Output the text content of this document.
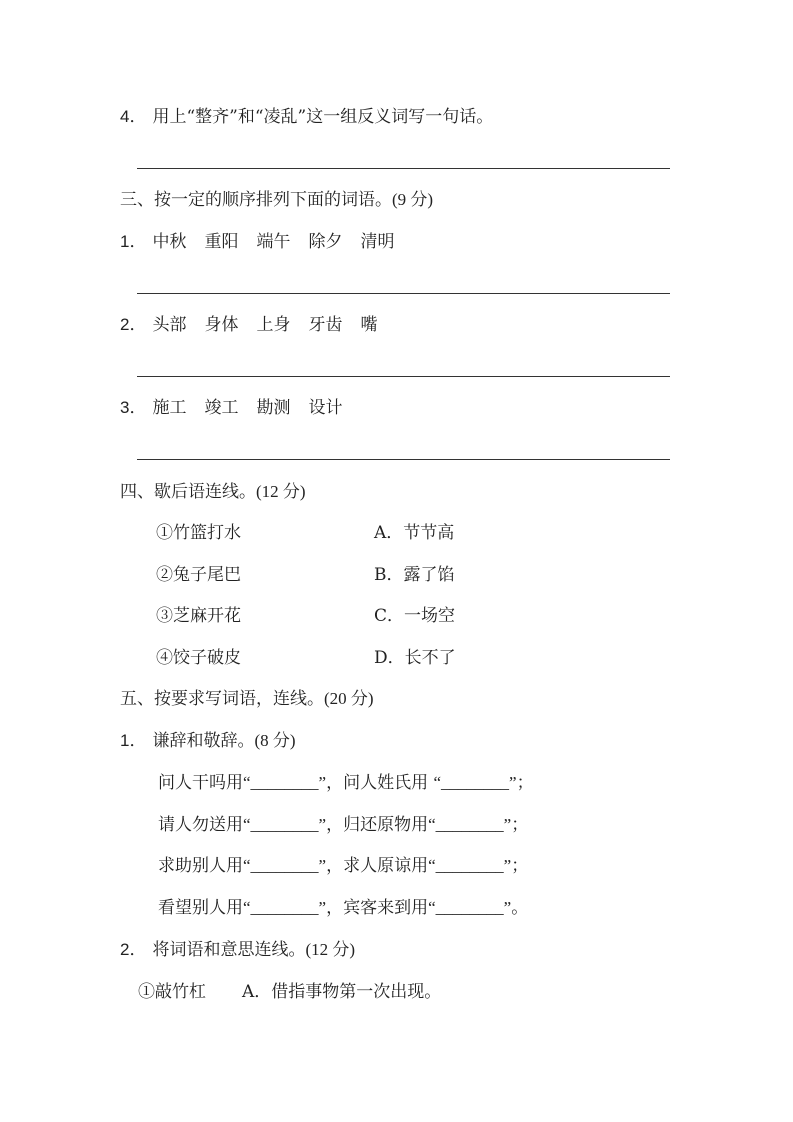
4． 用上“整齐”和“凌乱”这一组反义词写一句话。
三、按一定的顺序排列下面的词语。(9 分)
1． 中秋 重阳 端午 除夕 清明
2． 头部 身体 上身 牙齿 嘴
3． 施工 竣工 勘测 设计
四、歇后语连线。(12 分)
①竹篮打水	A．节节高
②兔子尾巴	B．露了馅
③芝麻开花	C．一场空
④饺子破皮	D．长不了
五、按要求写词语，连线。(20 分)
1． 谦辞和敬辞。(8 分)
问人干吗用“________”，问人姓氏用 “________”；
请人勿送用“________”，归还原物用“________”；
求助别人用“________”，求人原谅用“________”；
看望别人用“________”，宾客来到用“________”。
2． 将词语和意思连线。(12 分)
①敲竹杠 A．借指事物第一次出现。
